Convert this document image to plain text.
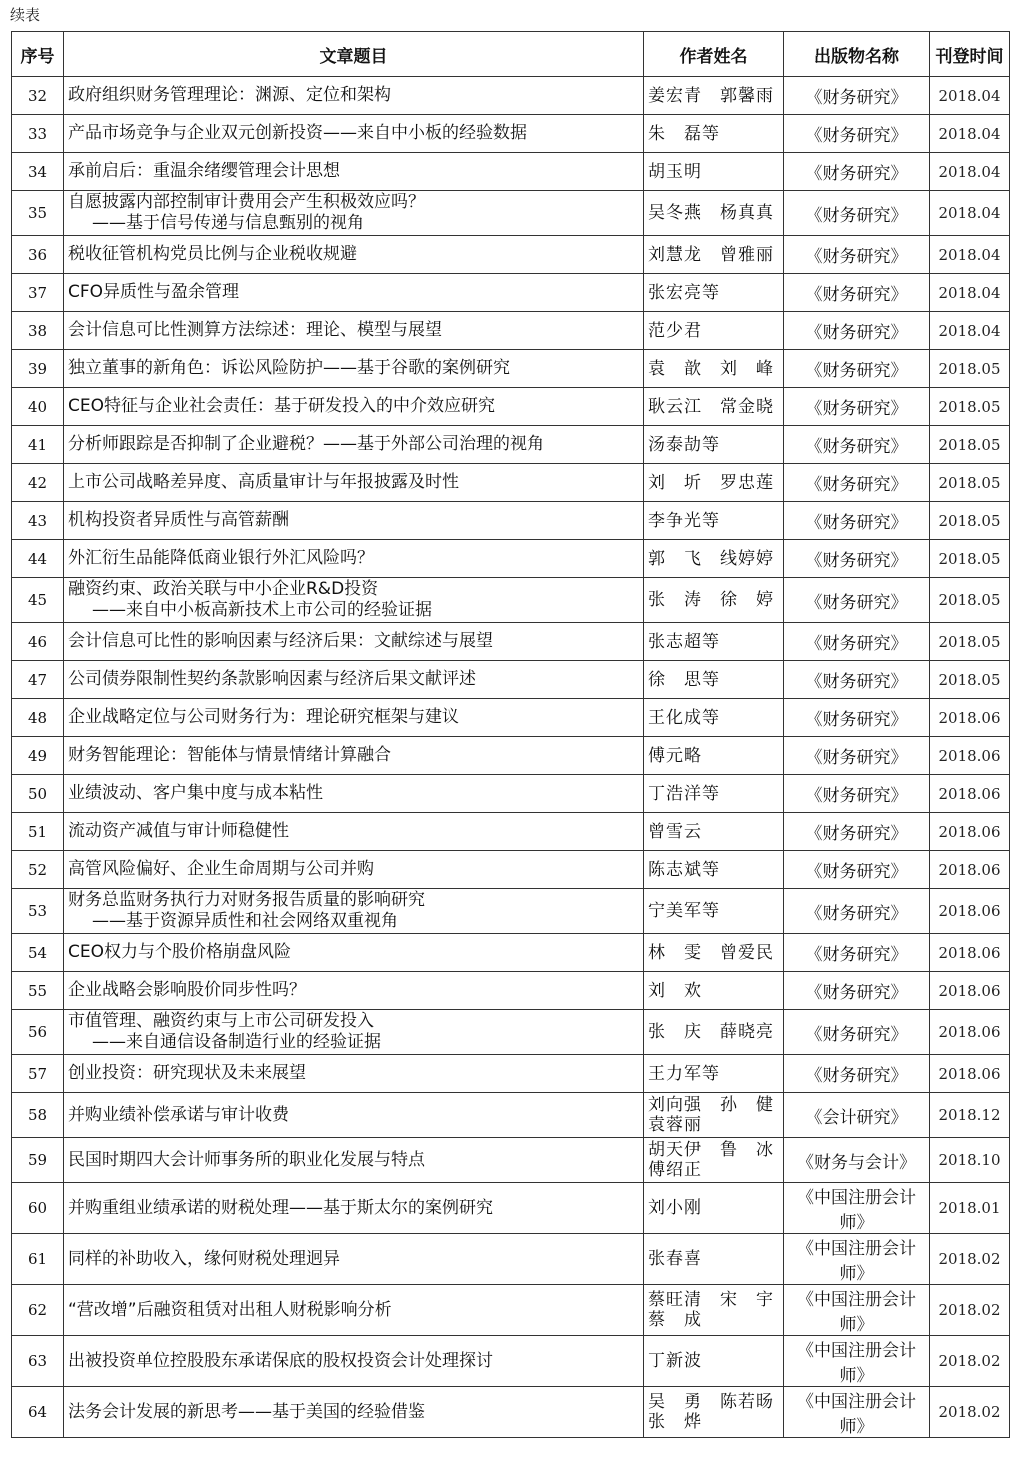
续表
序号	文章题目	作者姓名	出版物名称	刊登时间
32	政府组织财务管理理论：渊源、定位和架构	姜宏青　郭馨雨	《财务研究》	2018.04
33	产品市场竞争与企业双元创新投资——来自中小板的经验数据	朱　磊等	《财务研究》	2018.04
34	承前启后：重温余绪缨管理会计思想	胡玉明	《财务研究》	2018.04
35	自愿披露内部控制审计费用会产生积极效应吗？
——基于信号传递与信息甄别的视角	吴冬燕　杨真真	《财务研究》	2018.04
36	税收征管机构党员比例与企业税收规避	刘慧龙　曾雅丽	《财务研究》	2018.04
37	CFO异质性与盈余管理	张宏亮等	《财务研究》	2018.04
38	会计信息可比性测算方法综述：理论、模型与展望	范少君	《财务研究》	2018.04
39	独立董事的新角色：诉讼风险防护——基于谷歌的案例研究	袁　歆　刘　峰	《财务研究》	2018.05
40	CEO特征与企业社会责任：基于研发投入的中介效应研究	耿云江　常金晓	《财务研究》	2018.05
41	分析师跟踪是否抑制了企业避税？——基于外部公司治理的视角	汤泰劼等	《财务研究》	2018.05
42	上市公司战略差异度、高质量审计与年报披露及时性	刘　圻　罗忠莲	《财务研究》	2018.05
43	机构投资者异质性与高管薪酬	李争光等	《财务研究》	2018.05
44	外汇衍生品能降低商业银行外汇风险吗？	郭　飞　线婷婷	《财务研究》	2018.05
45	融资约束、政治关联与中小企业R&D投资
——来自中小板高新技术上市公司的经验证据	张　涛　徐　婷	《财务研究》	2018.05
46	会计信息可比性的影响因素与经济后果：文献综述与展望	张志超等	《财务研究》	2018.05
47	公司债券限制性契约条款影响因素与经济后果文献评述	徐　思等	《财务研究》	2018.05
48	企业战略定位与公司财务行为：理论研究框架与建议	王化成等	《财务研究》	2018.06
49	财务智能理论：智能体与情景情绪计算融合	傅元略	《财务研究》	2018.06
50	业绩波动、客户集中度与成本粘性	丁浩洋等	《财务研究》	2018.06
51	流动资产减值与审计师稳健性	曾雪云	《财务研究》	2018.06
52	高管风险偏好、企业生命周期与公司并购	陈志斌等	《财务研究》	2018.06
53	财务总监财务执行力对财务报告质量的影响研究
——基于资源异质性和社会网络双重视角	宁美军等	《财务研究》	2018.06
54	CEO权力与个股价格崩盘风险	林　雯　曾爱民	《财务研究》	2018.06
55	企业战略会影响股价同步性吗？	刘　欢	《财务研究》	2018.06
56	市值管理、融资约束与上市公司研发投入
——来自通信设备制造行业的经验证据	张　庆　薛晓亮	《财务研究》	2018.06
57	创业投资：研究现状及未来展望	王力军等	《财务研究》	2018.06
58	并购业绩补偿承诺与审计收费	刘向强　孙　健 袁蓉丽	《会计研究》	2018.12
59	民国时期四大会计师事务所的职业化发展与特点	胡天伊　鲁　冰 傅绍正	《财务与会计》	2018.10
60	并购重组业绩承诺的财税处理——基于斯太尔的案例研究	刘小刚	《中国注册会计师》	2018.01
61	同样的补助收入，缘何财税处理迥异	张春喜	《中国注册会计师》	2018.02
62	“营改增”后融资租赁对出租人财税影响分析	蔡旺清　宋　宇 蔡　成	《中国注册会计师》	2018.02
63	出被投资单位控股股东承诺保底的股权投资会计处理探讨	丁新波	《中国注册会计师》	2018.02
64	法务会计发展的新思考——基于美国的经验借鉴	吴　勇　陈若旸 张　烨	《中国注册会计师》	2018.02
